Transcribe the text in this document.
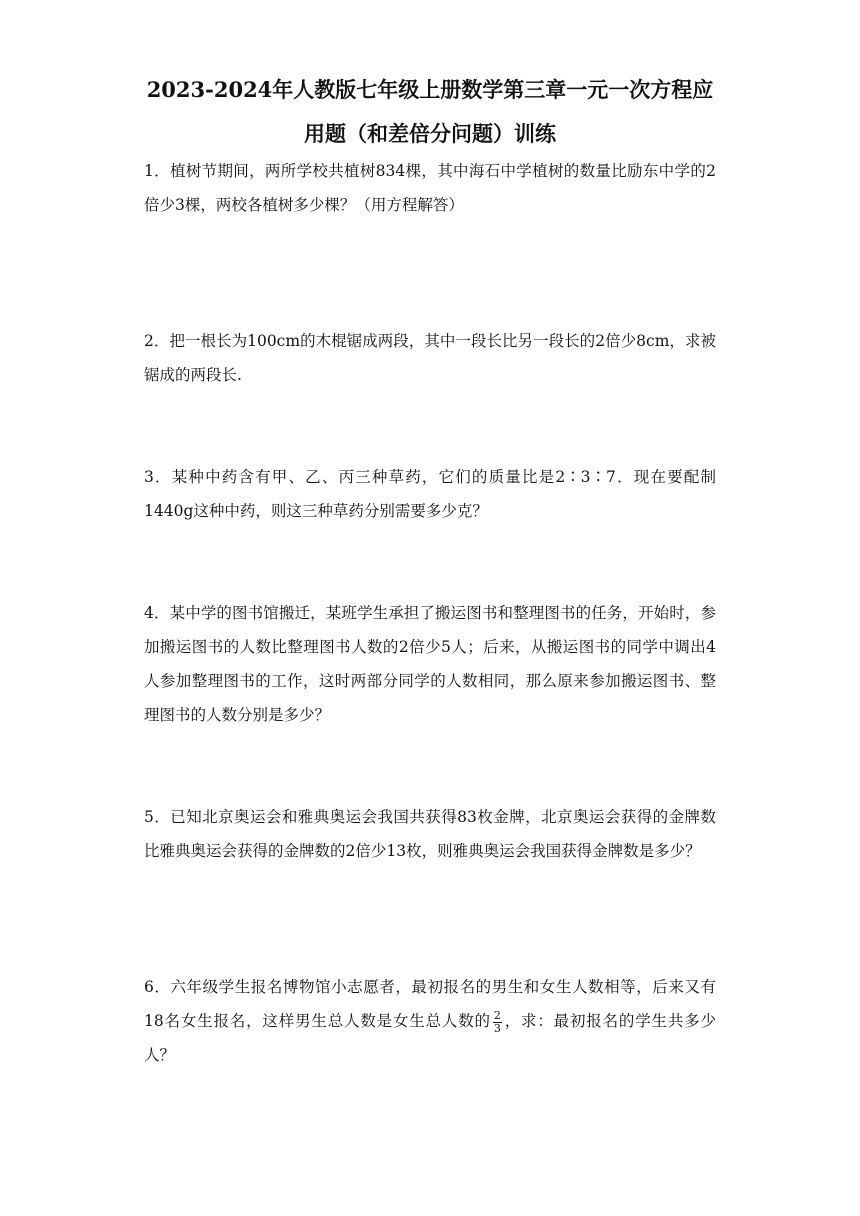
2023-2024年人教版七年级上册数学第三章一元一次方程应
用题（和差倍分问题）训练
1．植树节期间，两所学校共植树834棵，其中海石中学植树的数量比励东中学的2倍少3棵，两校各植树多少棵？（用方程解答）
2．把一根长为100cm的木棍锯成两段，其中一段长比另一段长的2倍少8cm，求被锯成的两段长.
3．某种中药含有甲、乙、丙三种草药，它们的质量比是2∶3∶7．现在要配制1440g这种中药，则这三种草药分别需要多少克？
4．某中学的图书馆搬迁，某班学生承担了搬运图书和整理图书的任务，开始时，参加搬运图书的人数比整理图书人数的2倍少5人；后来，从搬运图书的同学中调出4人参加整理图书的工作，这时两部分同学的人数相同，那么原来参加搬运图书、整理图书的人数分别是多少？
5．已知北京奥运会和雅典奥运会我国共获得83枚金牌，北京奥运会获得的金牌数比雅典奥运会获得的金牌数的2倍少13枚，则雅典奥运会我国获得金牌数是多少？
6．六年级学生报名博物馆小志愿者，最初报名的男生和女生人数相等，后来又有18名女生报名，这样男生总人数是女生总人数的 $\frac{2}{3}$ ，求：最初报名的学生共多少人？
